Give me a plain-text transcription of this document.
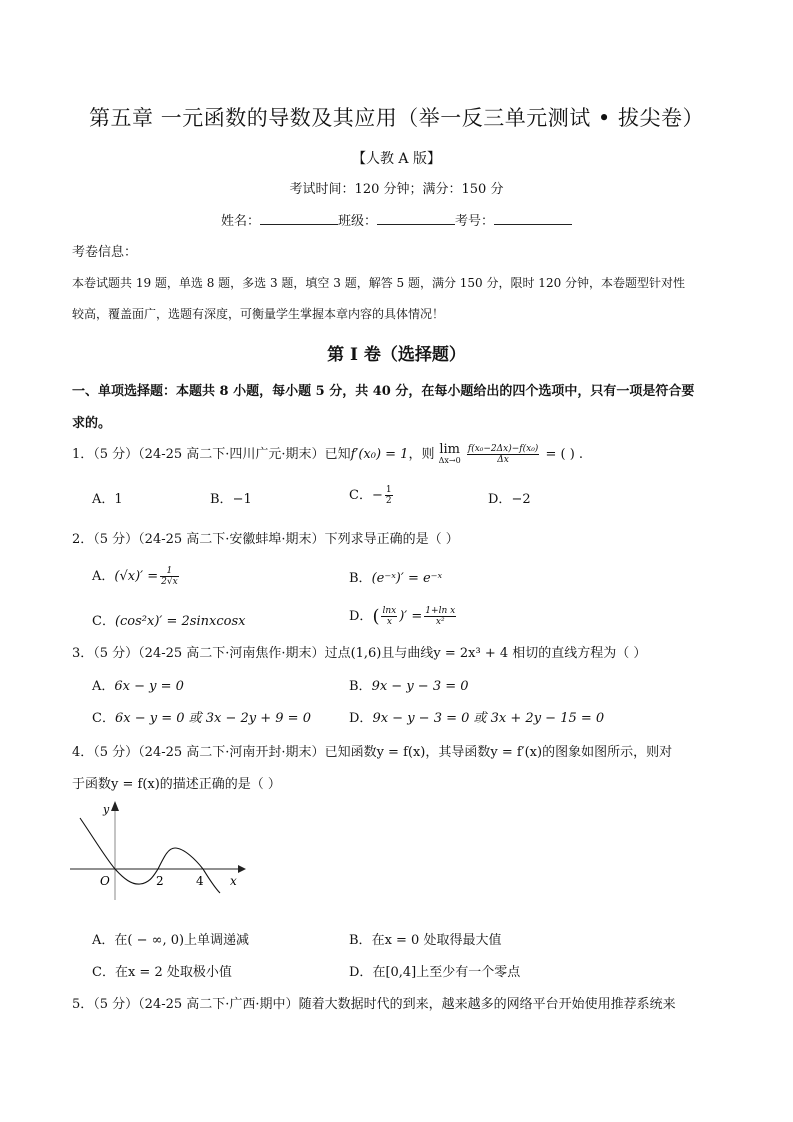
第五章 一元函数的导数及其应用（举一反三单元测试 • 拔尖卷）
【人教 A 版】
考试时间：120 分钟；满分：150 分
姓名：	班级：	考号：
考卷信息：
本卷试题共 19 题，单选 8 题，多选 3 题，填空 3 题，解答 5 题，满分 150 分，限时 120 分钟，本卷题型针对性
较高，覆盖面广，选题有深度，可衡量学生掌握本章内容的具体情况！
第 I 卷（选择题）
一、单项选择题：本题共 8 小题，每小题 5 分，共 40 分，在每小题给出的四个选项中，只有一项是符合要
求的。
1．（5 分）（24-25 高二下·四川广元·期末）已知f′(x₀) = 1，则 lim
Δx→0
$\frac{\text{f(x₀−2Δx)−f(x₀)}}{\Delta x}$ = ( ) .
A．1	B．−1	C．− $\frac{1}{2}$	D．−2
2．（5 分）（24-25 高二下·安徽蚌埠·期末）下列求导正确的是（ ）
A．$(√x)' = \frac{1}{2√x}$	B．(e⁻ˣ)′ = e⁻ˣ
C．(cos²x)′ = 2sinxcosx	D．( $\frac{\ln x}{x}$ )′ = $\frac{\text{1+ln x}}{\text{x²}}$
3．（5 分）（24-25 高二下·河南焦作·期末）过点(1,6)且与曲线y = 2x³ + 4 相切的直线方程为（ ）
A．6x − y = 0	B．9x − y − 3 = 0
C．6x − y = 0 或 3x − 2y + 9 = 0	D．9x − y − 3 = 0 或 3x + 2y − 15 = 0
4．（5 分）（24-25 高二下·河南开封·期末）已知函数y = f(x)，其导函数y = f′(x)的图象如图所示，则对
于函数y = f(x)的描述正确的是（ ）
y
O	2	4 x
A．在( − ∞, 0)上单调递减	B．在x = 0 处取得最大值
C．在x = 2 处取极小值	D．在[0,4]上至少有一个零点
5．（5 分）（24-25 高二下·广西·期中）随着大数据时代的到来，越来越多的网络平台开始使用推荐系统来
